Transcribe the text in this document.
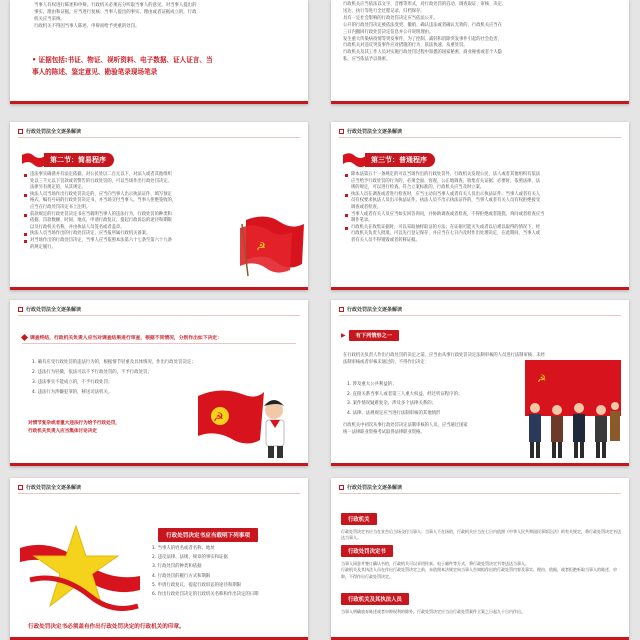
当事人有权进行陈述和申辩。行政机关必须充分听取当事人的意见，对当事人提出的
事实、理由和证据，应当进行复核；当事人提出的事实、理由或者证据成立的，行政
机关应当采纳。
行政机关不得因当事人陈述、申辩而给予更重的处罚。
• 证据包括:书证、物证、视听资料、电子数据、证人证言、当
事人的陈述、鉴定意见、勘验笔录现场笔录
行政机关应当依法以文字、音像等形式，对行政处罚的启动、调查取证、审核、决定、
送达、执行等进行全过程记录，归档保存。
具有一定社会影响的行政处罚决定应当依法公开。
公开的行政处罚决定被依法变更、撤销、确认违法或者确认无效的，行政机关应当在
三日内撤回行政处罚决定信息并公开说明理由。
发生重大传染病疫情等突发事件，为了控制、减轻和消除突发事件引起的社会危害，
行政机关对违反突发事件应对措施的行为，依法快速、从重处罚。
行政机关及其工作人员对实施行政处罚过程中知悉的国家秘密、商业秘密或者个人隐
私，应当依法予以保密。
行政处罚法全文逐条解读
第二节：简易程序
违法事实确凿并有法定依据，对公民处以二百元以下、对法人或者其他组织
处以三千元以下罚款或者警告的行政处罚的，可以当场作出行政处罚决定。
法律另有规定的，从其规定。
执法人员当场作出行政处罚决定的，应当向当事人出示执法证件，填写预定
格式、编有号码的行政处罚决定书，并当场交付当事人。当事人拒绝签收的，
应当在行政处罚决定书上注明。
前款规定的行政处罚决定书应当载明当事人的违法行为，行政处罚的种类和
依据、罚款数额、时间、地点，申请行政复议、提起行政诉讼的途径和期限
以及行政机关名称，并由执法人员签名或者盖章。
执法人员当场作出的行政处罚决定，应当报所属行政机关备案。
对当场作出的行政处罚决定，当事人应当依照本法第六十七条至第六十九条
的规定履行。	☭
行政处罚法全文逐条解读
第三节：普通程序
除本法第五十一条规定的可以当场作出的行政处罚外，行政机关发现公民、法人或者其他组织有依法
应当给予行政处罚的行为的，必须全面、客观、公正地调查，收集有关证据；必要时，依照法律、法
规的规定，可以进行检查。符合立案标准的，行政机关应当及时立案。
执法人员在调查或者进行检查时，应当主动向当事人或者有关人员出示执法证件。当事人或者有关人
员有权要求执法人员出示执法证件。执法人员不出示执法证件的，当事人或者有关人员有权拒绝接受
调查或者检查。
当事人或者有关人员应当如实回答询问，并协助调查或者检查，不得拒绝或者阻挠。询问或者检查应当
制作笔录。
行政机关在收集证据时，可以采取抽样取证的方法；在证据可能灭失或者以后难以取得的情况下，经
行政机关负责人批准，可以先行登记保存，并应当在七日内及时作出处理决定，在此期间，当事人或
者有关人员不得销毁或者转移证据。
行政处罚法全文逐条解读
调查终结，行政机关负责人应当对调查结果进行审查，根据不同情况，分别作出如下决定：
1. 确有应受行政处罚的违法行为的，根据情节轻重及具体情况，作出行政处罚决定；
2. 违法行为轻微，依法可以不予行政处罚的，不予行政处罚；
3. 违法事实不能成立的，不予行政处罚；
4. 违法行为涉嫌犯罪的，移送司法机关。
对情节复杂或者重大违法行为给予行政处罚，
行政机关负责人应当集体讨论决定
☭
行政处罚法全文逐条解读
▶	有下列情形之一
在行政机关负责人作出行政处罚的决定之前，应当由从事行政处罚决定法制审核的人员进行法制审核；未经
法制审核或者审核未通过的，不得作出决定：
1. 涉及重大公共利益的；
2. 直接关系当事人或者第三人重大权益，经过听证程序的；
3. 案件情况疑难复杂、涉及多个法律关系的；
4. 法律、法规规定应当进行法制审核的其他情形
行政机关中初次从事行政处罚决定法制审核的人员，应当通过国家
统一法律职业资格考试取得法律职业资格。
☭
行政处罚法全文逐条解读
行政处罚决定书应当载明下列事项
1. 当事人的姓名或者名称、地址
2. 违反法律、法规、规章的事实和证据
3. 行政处罚的种类和依据
4. 行政处罚的履行方式和期限
5. 申请行政复议、提起行政诉讼的途径和期限
6. 作出行政处罚决定的行政机关名称和作出决定的日期
行政处罚决定书必须盖有作出行政处罚决定的行政机关的印章。
行政处罚法全文逐条解读
行政机关
行政处罚决定书应当在宣告后当场交付当事人；当事人不在场的，行政机关应当在七日内依照《中华人民共和国民事诉讼法》的有关规定，将行政处罚决定书送达当事人。
行政处罚决定书
当事人同意并签订确认书的，行政机关可以采用传真、电子邮件等方式，将行政处罚决定书等送达当事人。
行政机关及其执法人员在作出行政处罚决定之前，未依照本法规定向当事人告知拟作出的行政处罚内容及事实、理由、依据，或者拒绝听取当事人的陈述、申辩，不得作出行政处罚决定。
行政机关及其执法人员
当事人明确放弃陈述或者申辩权利的除外。行政处罚决定应当自行政处罚案件立案之日起九十日内作出。
